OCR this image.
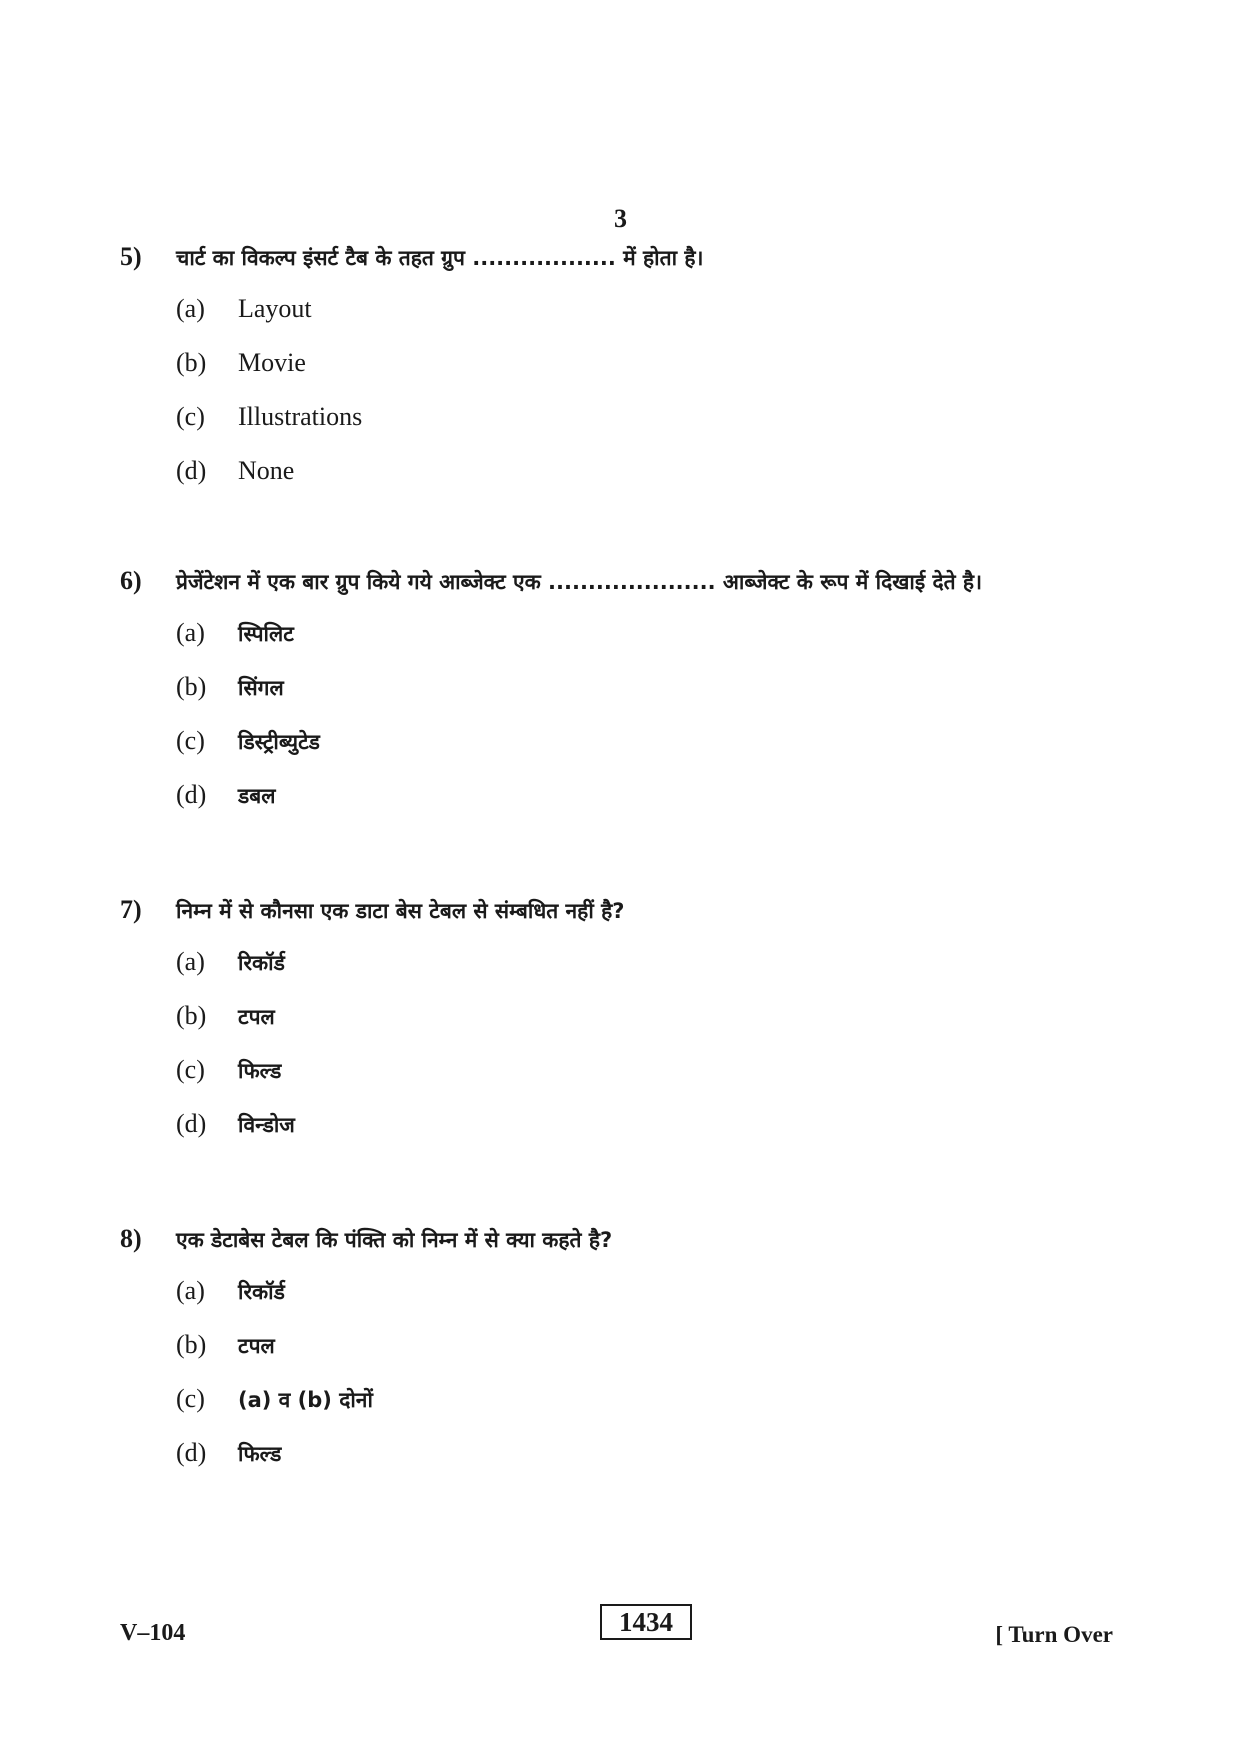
3
5)	चार्ट का विकल्प इंसर्ट टैब के तहत ग्रुप .................. में होता है।
(a)	Layout
(b)	Movie
(c)	Illustrations
(d)	None
6)	प्रेजेंटेशन में एक बार ग्रुप किये गये आब्जेक्ट एक ..................... आब्जेक्ट के रूप में दिखाई देते है।
(a)	स्पिलिट
(b)	सिंगल
(c)	डिस्ट्रीब्युटेड
(d)	डबल
7)	निम्न में से कौनसा एक डाटा बेस टेबल से संम्बधित नहीं है?
(a)	रिकॉर्ड
(b)	टपल
(c)	फिल्ड
(d)	विन्डोज
8)	एक डेटाबेस टेबल कि पंक्ति को निम्न में से क्या कहते है?
(a)	रिकॉर्ड
(b)	टपल
(c)	(a) व (b) दोनों
(d)	फिल्ड
V–104	1434	[ Turn Over
